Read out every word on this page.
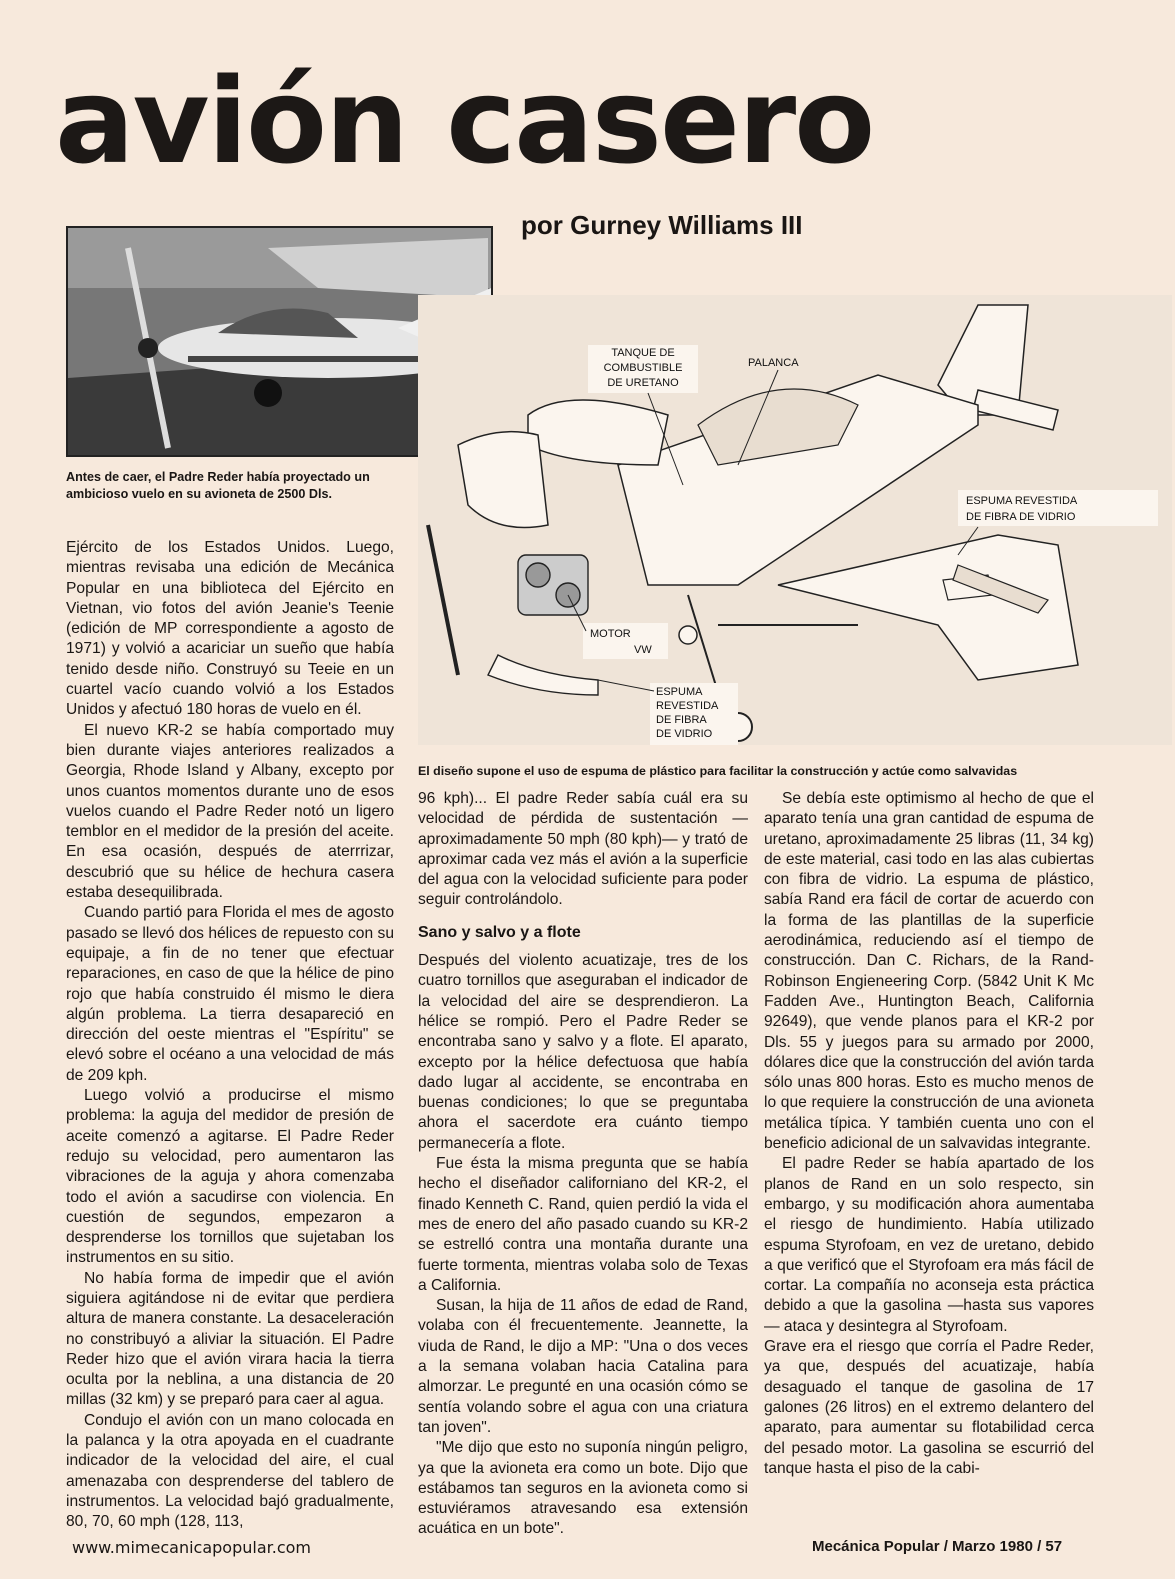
avión casero

por Gurney Williams III

Antes de caer, el Padre Reder había proyectado un ambicioso vuelo en su avioneta de 2500 Dls.

TANQUE DE
COMBUSTIBLE
DE URETANO
PALANCA
ESPUMA REVESTIDA
DE FIBRA DE VIDRIO
MOTOR
VW
ESPUMA
REVESTIDA
DE FIBRA
DE VIDRIO

El diseño supone el uso de espuma de plástico para facilitar la construcción y actúe como salvavidas

Ejército de los Estados Unidos. Luego, mientras revisaba una edición de Mecánica Popular en una biblioteca del Ejército en Vietnan, vio fotos del avión Jeanie's Teenie (edición de MP correspondiente a agosto de 1971) y volvió a acariciar un sueño que había tenido desde niño. Construyó su Teeie en un cuartel vacío cuando volvió a los Estados Unidos y afectuó 180 horas de vuelo en él.

El nuevo KR-2 se había comportado muy bien durante viajes anteriores realizados a Georgia, Rhode Island y Albany, excepto por unos cuantos momentos durante uno de esos vuelos cuando el Padre Reder notó un ligero temblor en el medidor de la presión del aceite. En esa ocasión, después de aterrrizar, descubrió que su hélice de hechura casera estaba desequilibrada.

Cuando partió para Florida el mes de agosto pasado se llevó dos hélices de repuesto con su equipaje, a fin de no tener que efectuar reparaciones, en caso de que la hélice de pino rojo que había construido él mismo le diera algún problema. La tierra desapareció en dirección del oeste mientras el "Espíritu" se elevó sobre el océano a una velocidad de más de 209 kph.

Luego volvió a producirse el mismo problema: la aguja del medidor de presión de aceite comenzó a agitarse. El Padre Reder redujo su velocidad, pero aumentaron las vibraciones de la aguja y ahora comenzaba todo el avión a sacudirse con violencia. En cuestión de segundos, empezaron a desprenderse los tornillos que sujetaban los instrumentos en su sitio.

No había forma de impedir que el avión siguiera agitándose ni de evitar que perdiera altura de manera constante. La desaceleración no constribuyó a aliviar la situación. El Padre Reder hizo que el avión virara hacia la tierra oculta por la neblina, a una distancia de 20 millas (32 km) y se preparó para caer al agua.

Condujo el avión con un mano colocada en la palanca y la otra apoyada en el cuadrante indicador de la velocidad del aire, el cual amenazaba con desprenderse del tablero de instrumentos. La velocidad bajó gradualmente, 80, 70, 60 mph (128, 113,

96 kph)... El padre Reder sabía cuál era su velocidad de pérdida de sustentación —aproximadamente 50 mph (80 kph)— y trató de aproximar cada vez más el avión a la superficie del agua con la velocidad suficiente para poder seguir controlándolo.

Sano y salvo y a flote

Después del violento acuatizaje, tres de los cuatro tornillos que aseguraban el indicador de la velocidad del aire se desprendieron. La hélice se rompió. Pero el Padre Reder se encontraba sano y salvo y a flote. El aparato, excepto por la hélice defectuosa que había dado lugar al accidente, se encontraba en buenas condiciones; lo que se preguntaba ahora el sacerdote era cuánto tiempo permanecería a flote.

Fue ésta la misma pregunta que se había hecho el diseñador californiano del KR-2, el finado Kenneth C. Rand, quien perdió la vida el mes de enero del año pasado cuando su KR-2 se estrelló contra una montaña durante una fuerte tormenta, mientras volaba solo de Texas a California.

Susan, la hija de 11 años de edad de Rand, volaba con él frecuentemente. Jeannette, la viuda de Rand, le dijo a MP: "Una o dos veces a la semana volaban hacia Catalina para almorzar. Le pregunté en una ocasión cómo se sentía volando sobre el agua con una criatura tan joven".

"Me dijo que esto no suponía ningún peligro, ya que la avioneta era como un bote. Dijo que estábamos tan seguros en la avioneta como si estuviéramos atravesando esa extensión acuática en un bote".

Se debía este optimismo al hecho de que el aparato tenía una gran cantidad de espuma de uretano, aproximadamente 25 libras (11, 34 kg) de este material, casi todo en las alas cubiertas con fibra de vidrio. La espuma de plástico, sabía Rand era fácil de cortar de acuerdo con la forma de las plantillas de la superficie aerodinámica, reduciendo así el tiempo de construcción. Dan C. Richars, de la Rand-Robinson Engieneering Corp. (5842 Unit K Mc Fadden Ave., Huntington Beach, California 92649), que vende planos para el KR-2 por Dls. 55 y juegos para su armado por 2000, dólares dice que la construcción del avión tarda sólo unas 800 horas. Esto es mucho menos de lo que requiere la construcción de una avioneta metálica típica. Y también cuenta uno con el beneficio adicional de un salvavidas integrante.

El padre Reder se había apartado de los planos de Rand en un solo respecto, sin embargo, y su modificación ahora aumentaba el riesgo de hundimiento. Había utilizado espuma Styrofoam, en vez de uretano, debido a que verificó que el Styrofoam era más fácil de cortar. La compañía no aconseja esta práctica debido a que la gasolina —hasta sus vapores— ataca y desintegra al Styrofoam.

Grave era el riesgo que corría el Padre Reder, ya que, después del acuatizaje, había desaguado el tanque de gasolina de 17 galones (26 litros) en el extremo delantero del aparato, para aumentar su flotabilidad cerca del pesado motor. La gasolina se escurrió del tanque hasta el piso de la cabi-

www.mimecanicapopular.com	Mecánica Popular / Marzo 1980 / 57
